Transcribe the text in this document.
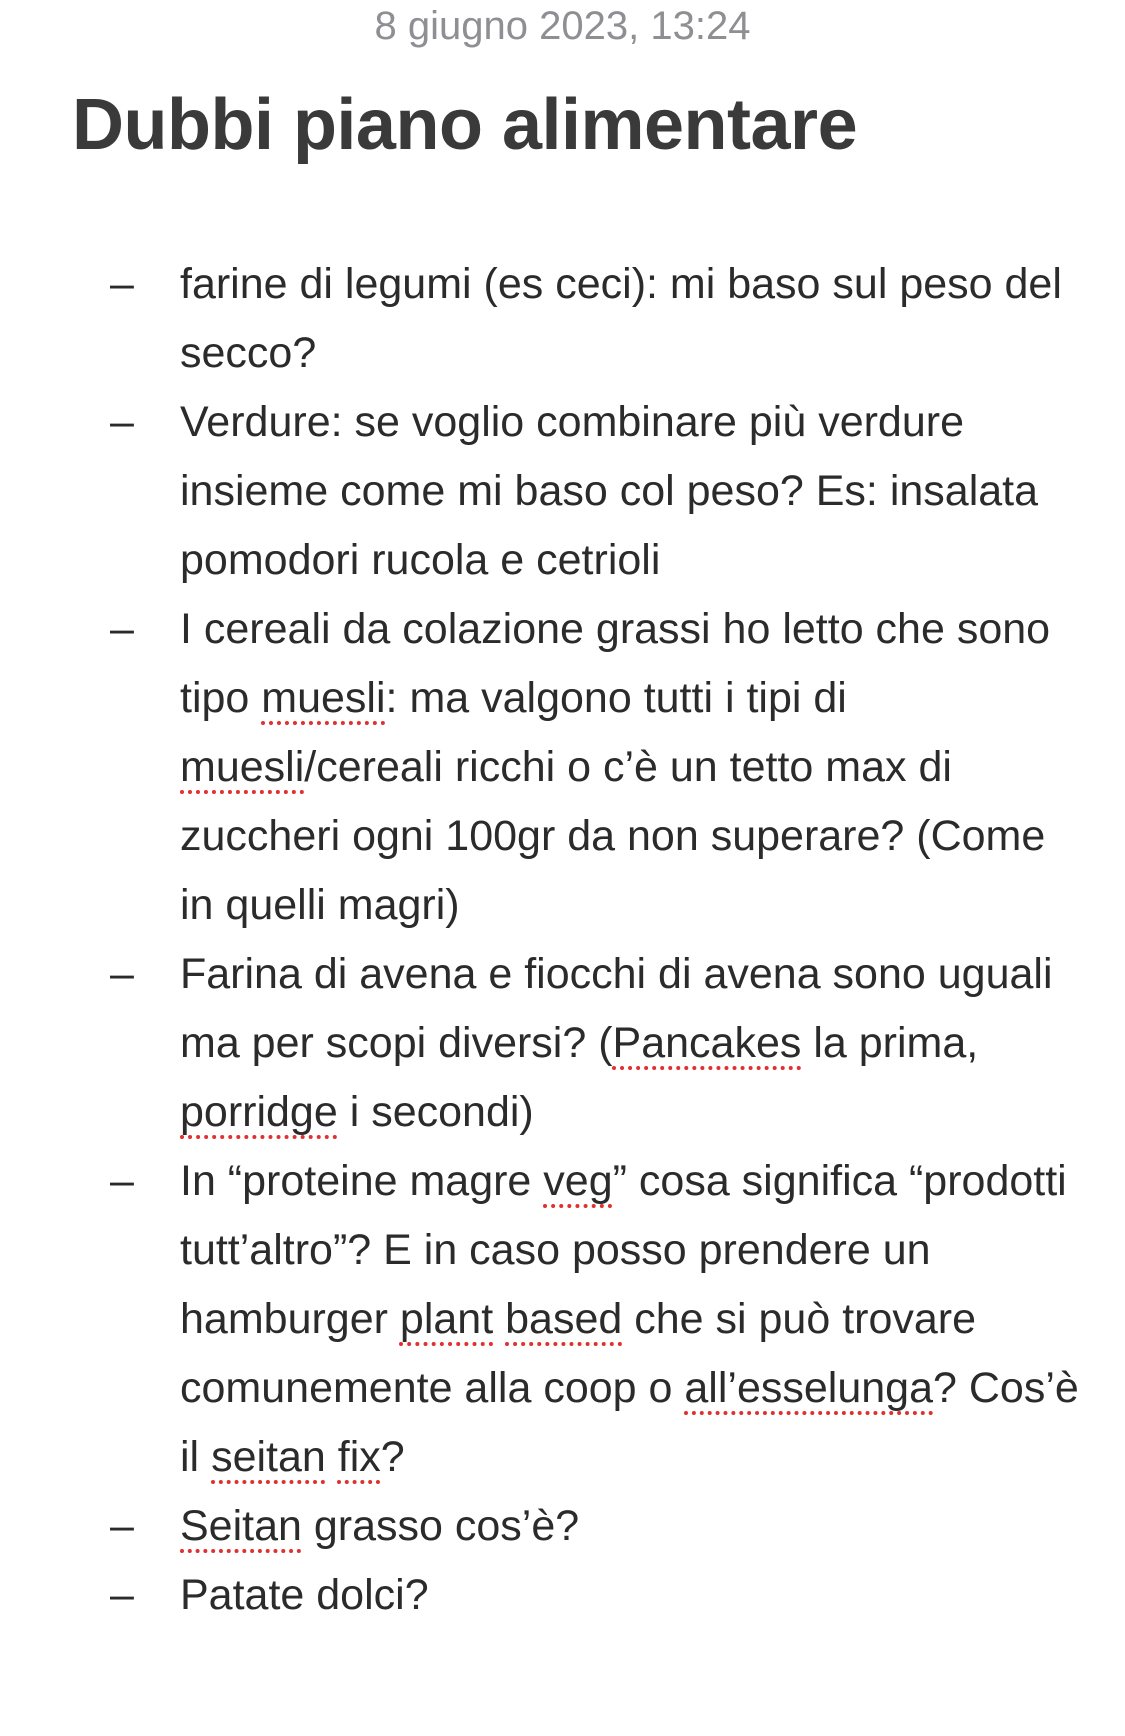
8 giugno 2023, 13:24
Dubbi piano alimentare
– farine di legumi (es ceci): mi baso sul peso del secco?
– Verdure: se voglio combinare più verdure insieme come mi baso col peso? Es: insalata pomodori rucola e cetrioli
– I cereali da colazione grassi ho letto che sono tipo muesli: ma valgono tutti i tipi di muesli/cereali ricchi o c’è un tetto max di zuccheri ogni 100gr da non superare? (Come in quelli magri)
– Farina di avena e fiocchi di avena sono uguali ma per scopi diversi? (Pancakes la prima, porridge i secondi)
– In “proteine magre veg” cosa significa “prodotti tutt’altro”? E in caso posso prendere un hamburger plant based che si può trovare comunemente alla coop o all’esselunga? Cos’è il seitan fix?
– Seitan grasso cos’è?
– Patate dolci?
